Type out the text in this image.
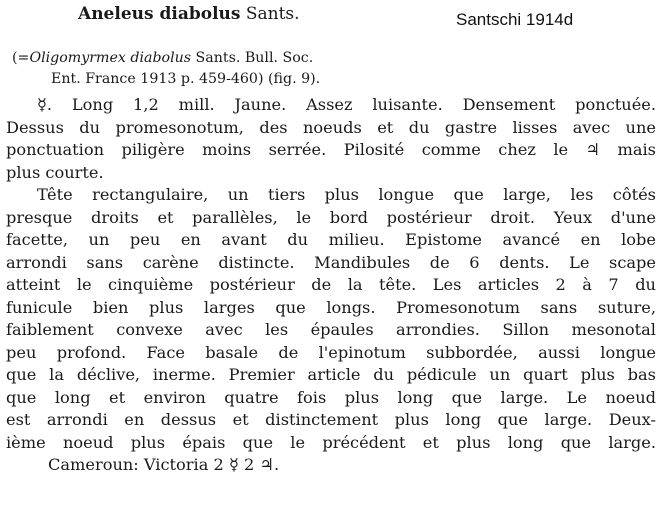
Aneleus diabolus Sants.	Santschi 1914d
(=Oligomyrmex diabolus Sants. Bull. Soc.
Ent. France 1913 p. 459-460) (fig. 9).
☿. Long 1,2 mill. Jaune. Assez luisante. Densement ponctuée.
Dessus du promesonotum, des noeuds et du gastre lisses avec une
ponctuation piligère moins serrée. Pilosité comme chez le ♃ mais
plus courte.
Tête rectangulaire, un tiers plus longue que large, les côtés
presque droits et parallèles, le bord postérieur droit. Yeux d'une
facette, un peu en avant du milieu. Epistome avancé en lobe
arrondi sans carène distincte. Mandibules de 6 dents. Le scape
atteint le cinquième postérieur de la tête. Les articles 2 à 7 du
funicule bien plus larges que longs. Promesonotum sans suture,
faiblement convexe avec les épaules arrondies. Sillon mesonotal
peu profond. Face basale de l'epinotum subbordée, aussi longue
que la déclive, inerme. Premier article du pédicule un quart plus bas
que long et environ quatre fois plus long que large. Le noeud
est arrondi en dessus et distinctement plus long que large. Deux-
ième noeud plus épais que le précédent et plus long que large.
Cameroun: Victoria 2 ☿ 2 ♃.
